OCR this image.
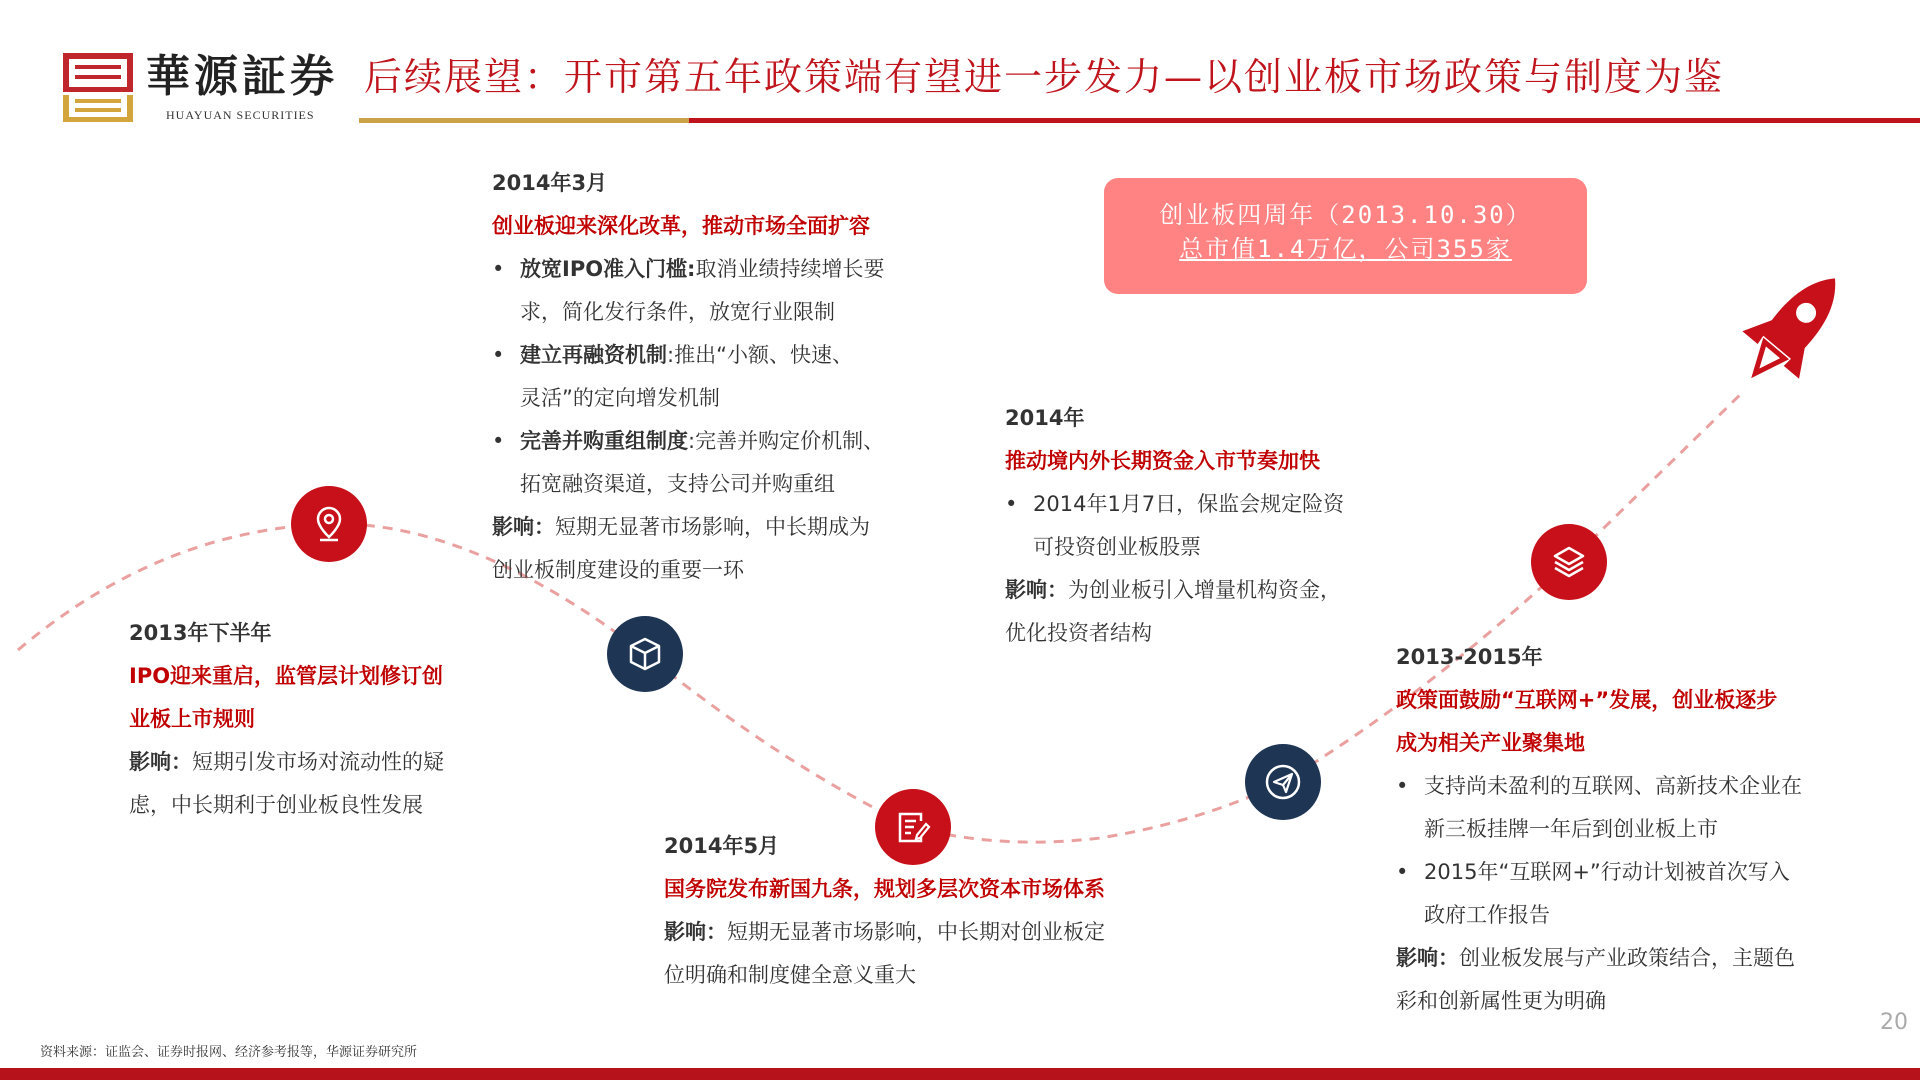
華源証券
HUAYUAN SECURITIES
后续展望：开市第五年政策端有望进一步发力—以创业板市场政策与制度为鉴
创业板四周年（2013.10.30）
总市值1.4万亿，公司355家
2013年下半年
IPO迎来重启，监管层计划修订创
业板上市规则
影响：短期引发市场对流动性的疑
虑，中长期利于创业板良性发展
2014年3月
创业板迎来深化改革，推动市场全面扩容
• 放宽IPO准入门槛:取消业绩持续增长要
求，简化发行条件，放宽行业限制
• 建立再融资机制:推出“小额、快速、
灵活”的定向增发机制
• 完善并购重组制度:完善并购定价机制、
拓宽融资渠道，支持公司并购重组
影响：短期无显著市场影响，中长期成为
创业板制度建设的重要一环
2014年5月
国务院发布新国九条，规划多层次资本市场体系
影响：短期无显著市场影响，中长期对创业板定
位明确和制度健全意义重大
2014年
推动境内外长期资金入市节奏加快
• 2014年1月7日，保监会规定险资
可投资创业板股票
影响：为创业板引入增量机构资金，
优化投资者结构
2013-2015年
政策面鼓励“互联网+”发展，创业板逐步
成为相关产业聚集地
• 支持尚未盈利的互联网、高新技术企业在
新三板挂牌一年后到创业板上市
• 2015年“互联网+”行动计划被首次写入
政府工作报告
影响：创业板发展与产业政策结合，主题色
彩和创新属性更为明确
资料来源：证监会、证券时报网、经济参考报等，华源证券研究所
20
